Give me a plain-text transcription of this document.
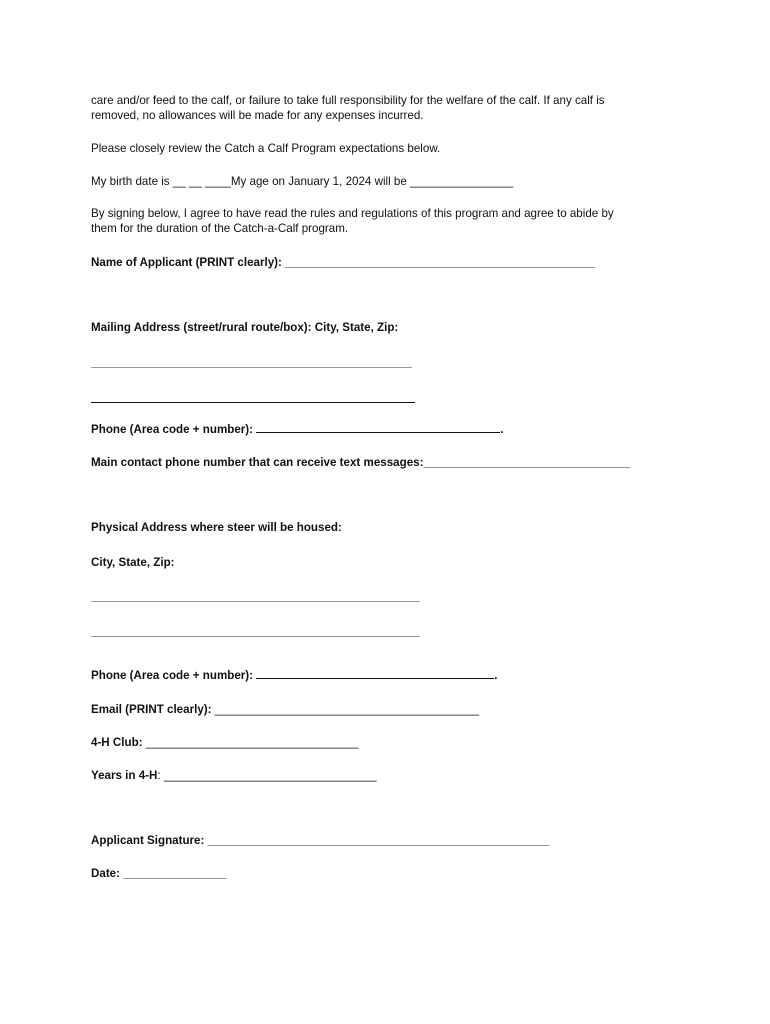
care and/or feed to the calf, or failure to take full responsibility for the welfare of the calf. If any calf is
removed, no allowances will be made for any expenses incurred.
Please closely review the Catch a Calf Program expectations below.
My birth date is __ __ ____My age on January 1, 2024 will be ________________
By signing below, I agree to have read the rules and regulations of this program and agree to abide by
them for the duration of the Catch-a-Calf program.
Name of Applicant (PRINT clearly): ________________________________________________
Mailing Address (street/rural route/box): City, State, Zip:
Phone (Area code + number):	.
Main contact phone number that can receive text messages:________________________________
Physical Address where steer will be housed:
City, State, Zip:
Phone (Area code + number):	.
Email (PRINT clearly): _________________________________________
4-H Club: _________________________________
Years in 4-H: _________________________________
Applicant Signature: _____________________________________________________
Date: ________________
